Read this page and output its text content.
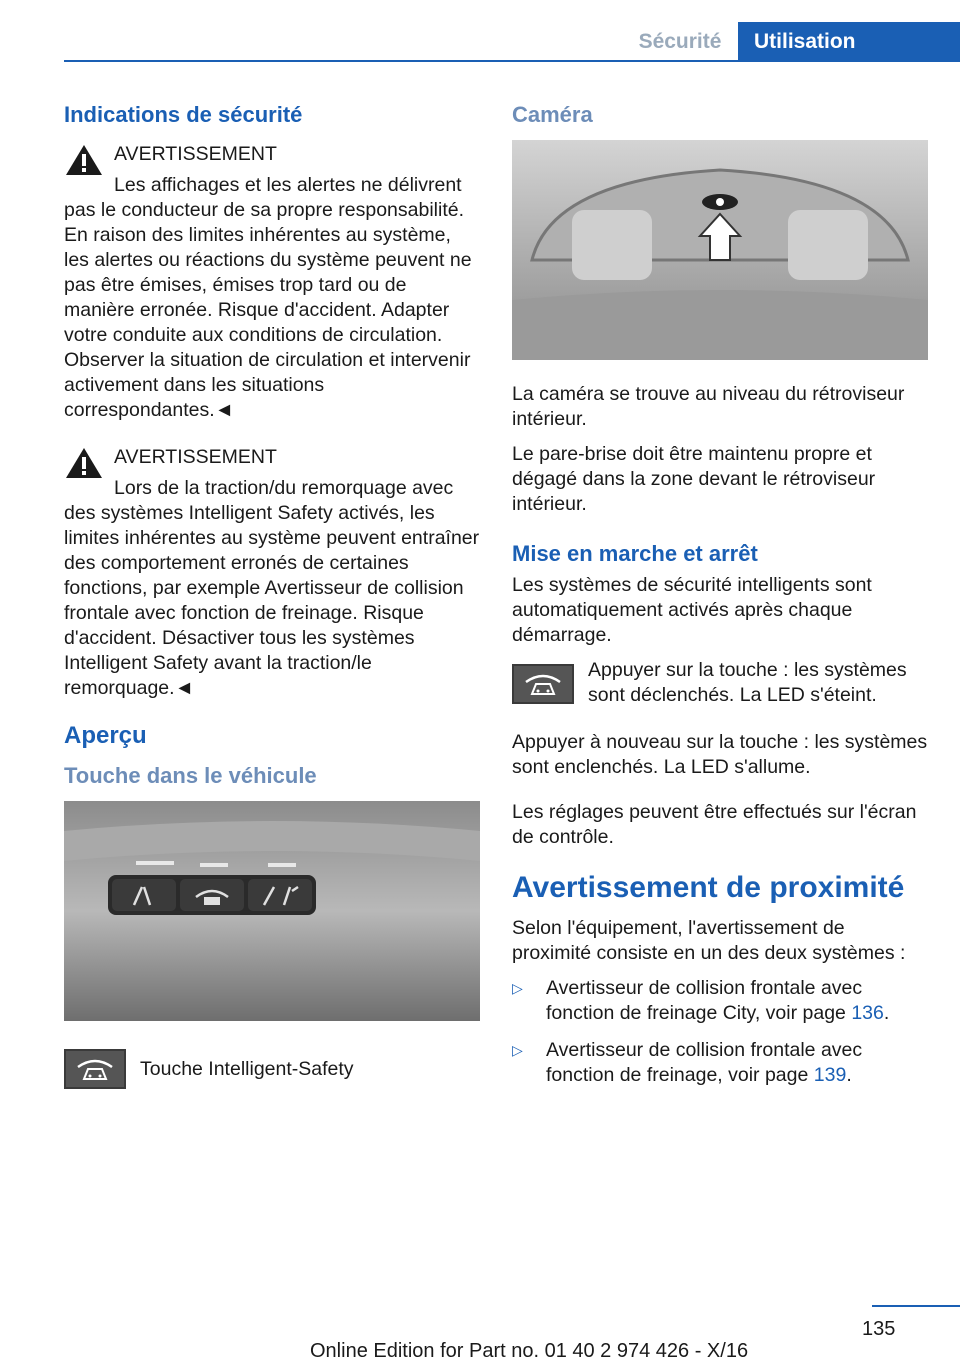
Sécurité	Utilisation
Indications de sécurité
AVERTISSEMENT

Les affichages et les alertes ne délivrent pas le conducteur de sa propre responsabilité. En raison des limites inhérentes au système, les alertes ou réactions du système peuvent ne pas être émises, émises trop tard ou de manière erronée. Risque d'accident. Adapter votre conduite aux conditions de circulation. Observer la situation de circulation et intervenir activement dans les situations correspondantes.◄

AVERTISSEMENT

Lors de la traction/du remorquage avec des systèmes Intelligent Safety activés, les limites inhérentes au système peuvent entraîner des comportement erronés de certaines fonctions, par exemple Avertisseur de collision frontale avec fonction de freinage. Risque d'accident. Désactiver tous les systèmes Intelligent Safety avant la traction/le remorquage.◄

Aperçu
Touche dans le véhicule

Touche Intelligent-Safety

Caméra

La caméra se trouve au niveau du rétroviseur intérieur.

Le pare-brise doit être maintenu propre et dégagé dans la zone devant le rétroviseur intérieur.

Mise en marche et arrêt

Les systèmes de sécurité intelligents sont automatiquement activés après chaque démarrage.

Appuyer sur la touche : les systèmes sont déclenchés. La LED s'éteint.

Appuyer à nouveau sur la touche : les systèmes sont enclenchés. La LED s'allume.

Les réglages peuvent être effectués sur l'écran de contrôle.

Avertissement de proximité

Selon l'équipement, l'avertissement de proximité consiste en un des deux systèmes :

▷ Avertisseur de collision frontale avec fonction de freinage City, voir page 136.
▷ Avertisseur de collision frontale avec fonction de freinage, voir page 139.
135
Online Edition for Part no. 01 40 2 974 426 - X/16
